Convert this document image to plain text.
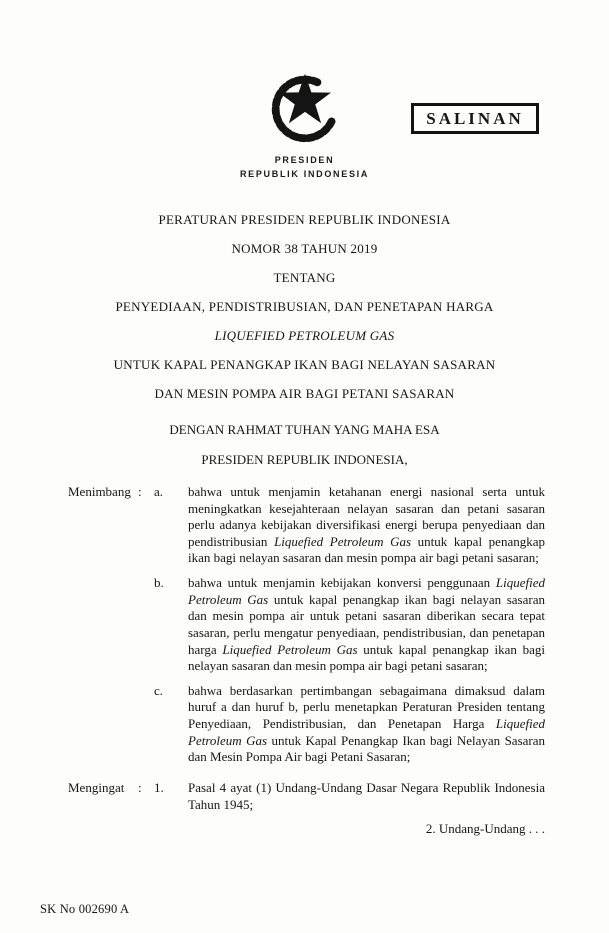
SALINAN
PRESIDEN
REPUBLIK INDONESIA
PERATURAN PRESIDEN REPUBLIK INDONESIA
NOMOR 38 TAHUN 2019
TENTANG
PENYEDIAAN, PENDISTRIBUSIAN, DAN PENETAPAN HARGA
LIQUEFIED PETROLEUM GAS
UNTUK KAPAL PENANGKAP IKAN BAGI NELAYAN SASARAN
DAN MESIN POMPA AIR BAGI PETANI SASARAN
DENGAN RAHMAT TUHAN YANG MAHA ESA
PRESIDEN REPUBLIK INDONESIA,
Menimbang : a.	bahwa untuk menjamin ketahanan energi nasional serta untuk meningkatkan kesejahteraan nelayan sasaran dan petani sasaran perlu adanya kebijakan diversifikasi energi berupa penyediaan dan pendistribusian Liquefied Petroleum Gas untuk kapal penangkap ikan bagi nelayan sasaran dan mesin pompa air bagi petani sasaran;
b.	bahwa untuk menjamin kebijakan konversi penggunaan Liquefied Petroleum Gas untuk kapal penangkap ikan bagi nelayan sasaran dan mesin pompa air untuk petani sasaran diberikan secara tepat sasaran, perlu mengatur penyediaan, pendistribusian, dan penetapan harga Liquefied Petroleum Gas untuk kapal penangkap ikan bagi nelayan sasaran dan mesin pompa air bagi petani sasaran;
c.	bahwa berdasarkan pertimbangan sebagaimana dimaksud dalam huruf a dan huruf b, perlu menetapkan Peraturan Presiden tentang Penyediaan, Pendistribusian, dan Penetapan Harga Liquefied Petroleum Gas untuk Kapal Penangkap Ikan bagi Nelayan Sasaran dan Mesin Pompa Air bagi Petani Sasaran;
Mengingat	: 1.	Pasal 4 ayat (1) Undang-Undang Dasar Negara Republik Indonesia Tahun 1945;
2. Undang-Undang . . .
SK No 002690 A
